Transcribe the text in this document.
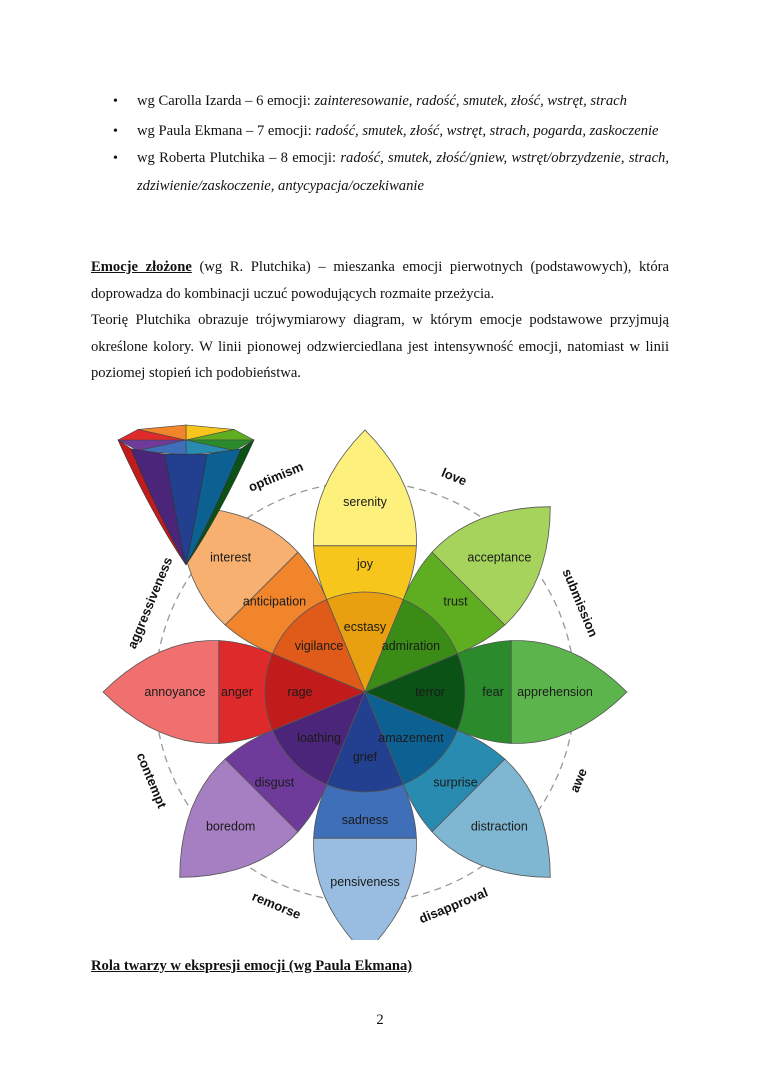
• wg Carolla Izarda – 6 emocji: zainteresowanie, radość, smutek, złość, wstręt, strach
• wg Paula Ekmana – 7 emocji: radość, smutek, złość, wstręt, strach, pogarda, zaskoczenie
• wg Roberta Plutchika – 8 emocji: radość, smutek, złość/gniew, wstręt/obrzydzenie, strach, zdziwienie/zaskoczenie, antycypacja/oczekiwanie

Emocje złożone (wg R. Plutchika) – mieszanka emocji pierwotnych (podstawowych), która doprowadza do kombinacji uczuć powodujących rozmaite przeżycia.
Teorię Plutchika obrazuje trójwymiarowy diagram, w którym emocje podstawowe przyjmują określone kolory. W linii pionowej odzwierciedlana jest intensywność emocji, natomiast w linii poziomej stopień ich podobieństwa.

serenity
joy
ecstasy
acceptance
trust
admiration
apprehension
fear
terror
distraction
surprise
amazement
pensiveness
sadness
grief
boredom
disgust
loathing
annoyance anger	rage
interest
anticipation
vigilance
love
submission
awe
disapproval
remorse
contempt
aggressiveness
optimism

Rola twarzy w ekspresji emocji (wg Paula Ekmana)

2
